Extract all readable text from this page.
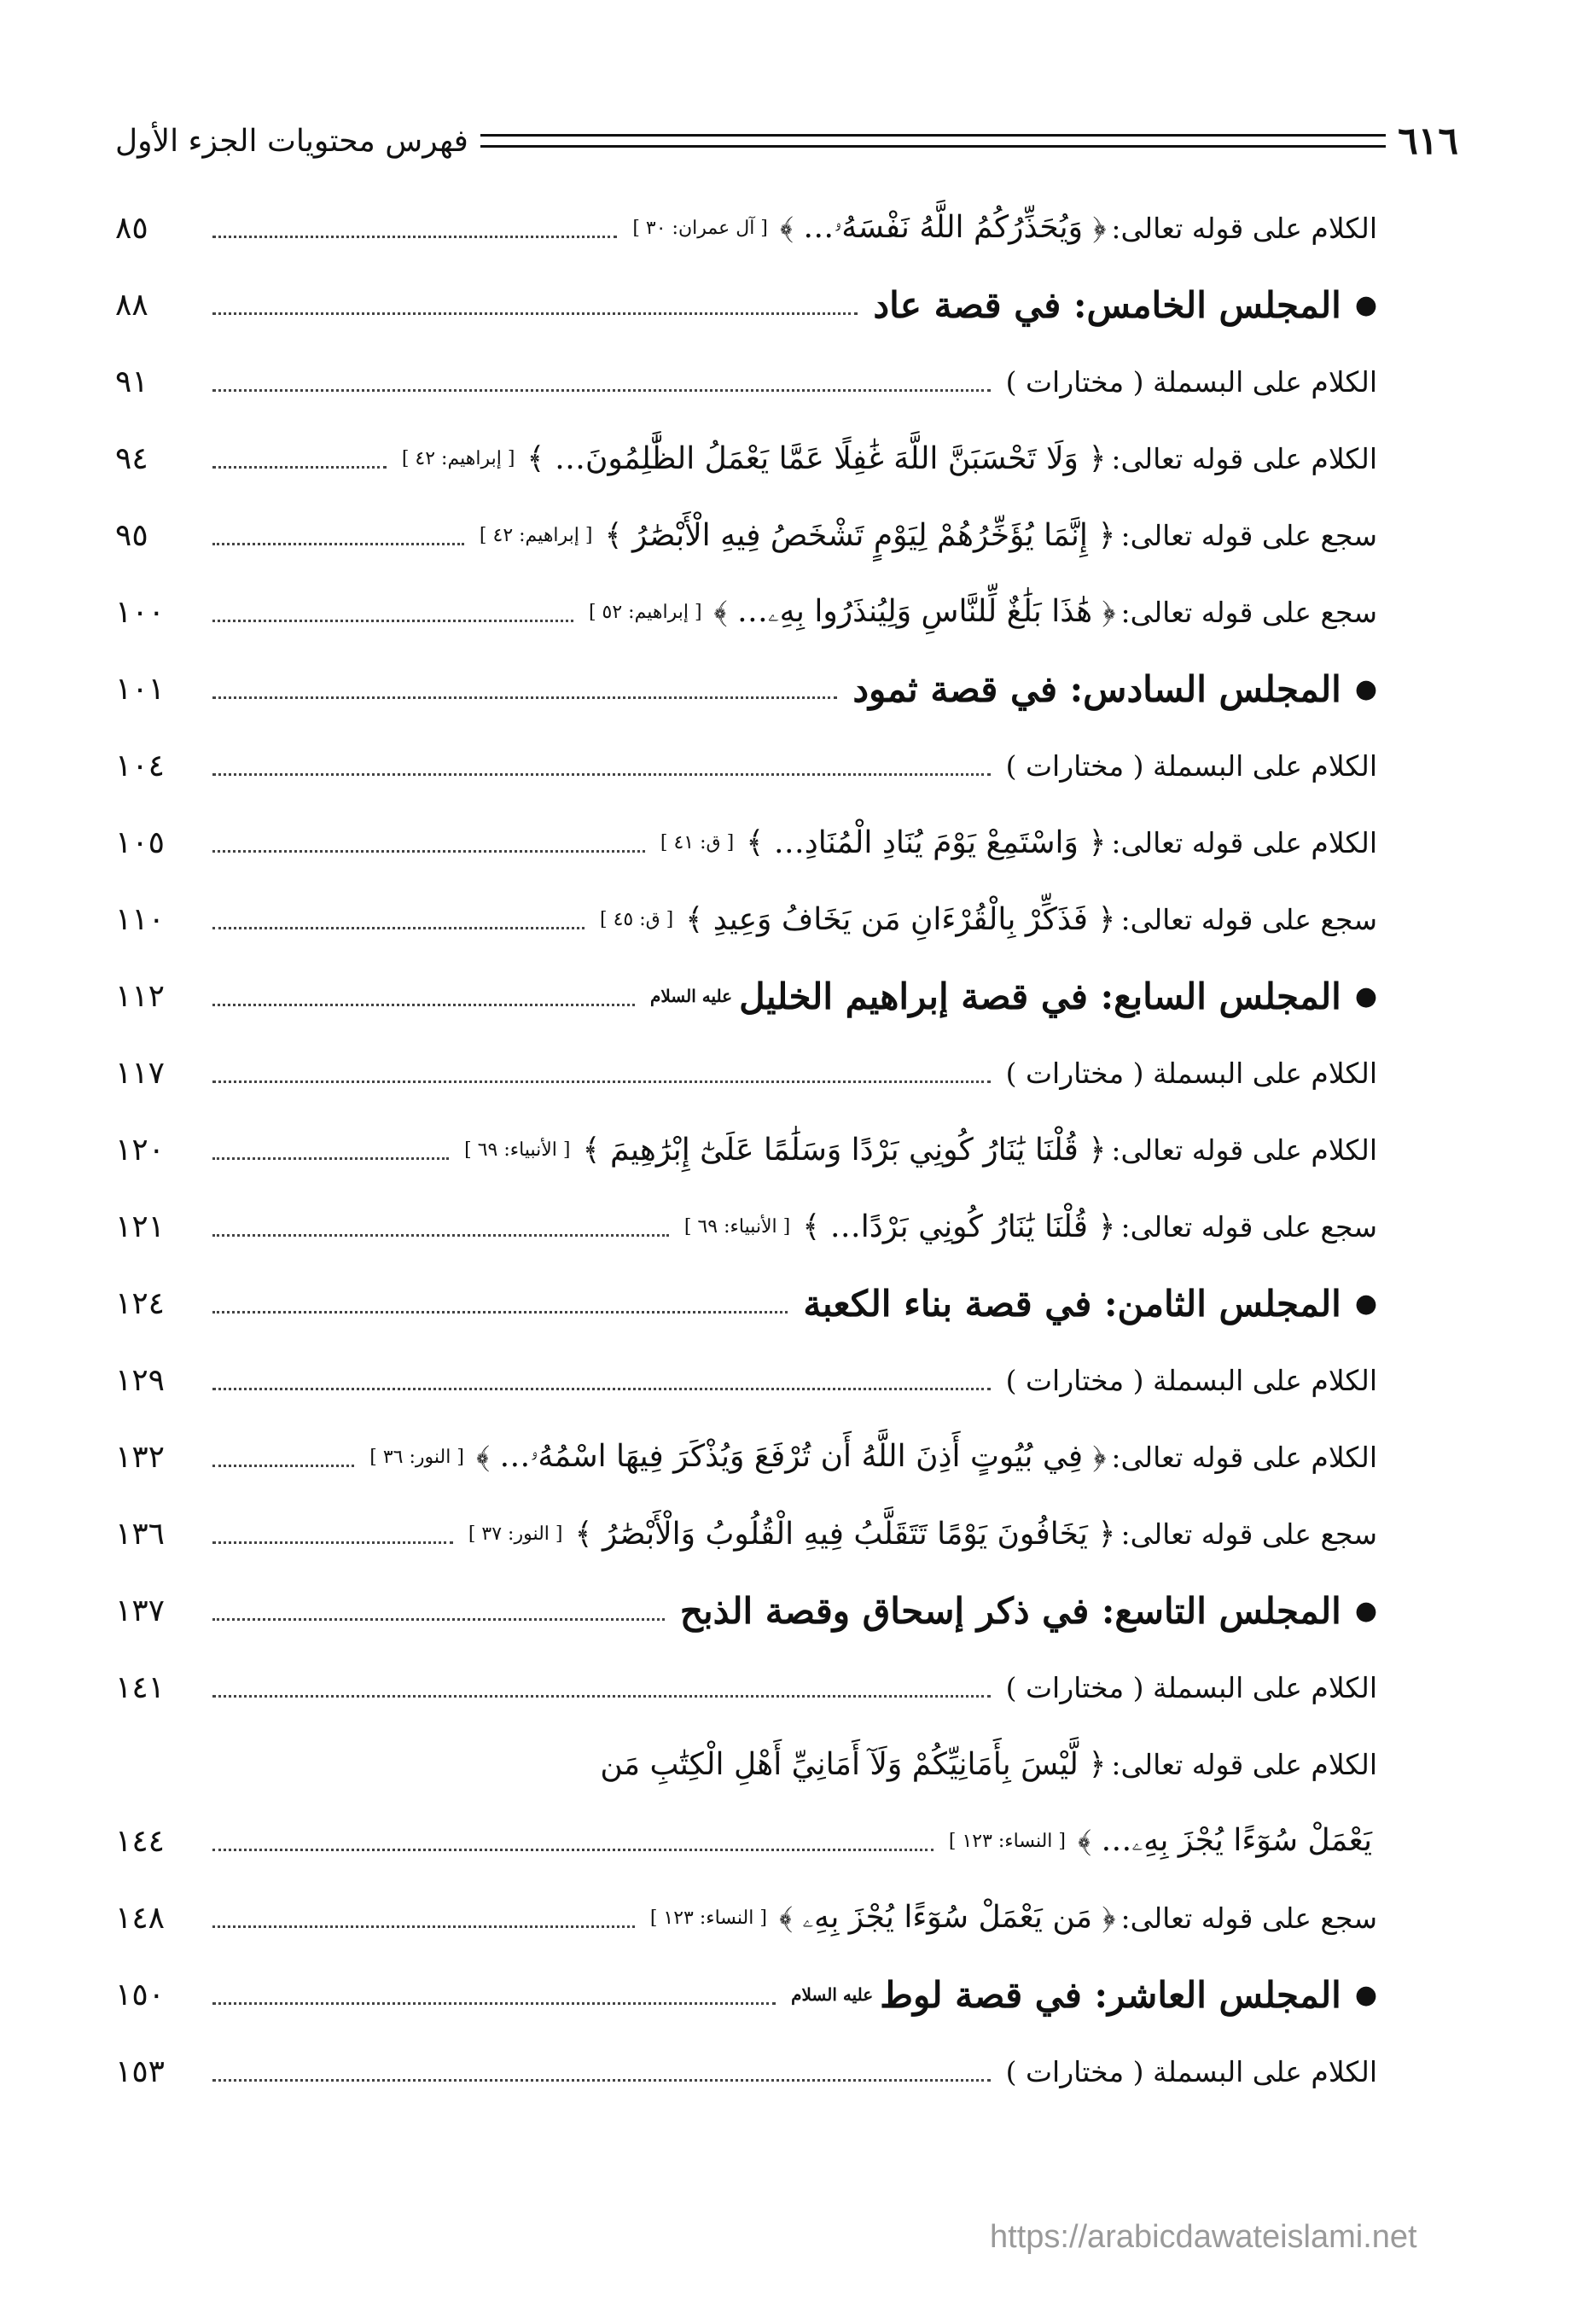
٦١٦
فهرس محتويات الجزء الأول
الكلام على قوله تعالى:
﴿ وَيُحَذِّرُكُمُ اللَّهُ نَفْسَهُۥ… ﴾
[ آل عمران: ٣٠ ]
٨٥
●
المجلس الخامس: في قصة عاد
٨٨
الكلام على البسملة ( مختارات )
٩١
الكلام على قوله تعالى:
﴿ وَلَا تَحْسَبَنَّ اللَّهَ غَٰفِلًا عَمَّا يَعْمَلُ الظَّٰلِمُونَ… ﴾
[ إبراهيم: ٤٢ ]
٩٤
سجع على قوله تعالى:
﴿ إِنَّمَا يُؤَخِّرُهُمْ لِيَوْمٍ تَشْخَصُ فِيهِ الْأَبْصَٰرُ ﴾
[ إبراهيم: ٤٢ ]
٩٥
سجع على قوله تعالى:
﴿ هَٰذَا بَلَٰغٌ لِّلنَّاسِ وَلِيُنذَرُوا بِهِۦ… ﴾
[ إبراهيم: ٥٢ ]
١٠٠
●
المجلس السادس: في قصة ثمود
١٠١
الكلام على البسملة ( مختارات )
١٠٤
الكلام على قوله تعالى:
﴿ وَاسْتَمِعْ يَوْمَ يُنَادِ الْمُنَادِ… ﴾
[ ق: ٤١ ]
١٠٥
سجع على قوله تعالى:
﴿ فَذَكِّرْ بِالْقُرْءَانِ مَن يَخَافُ وَعِيدِ ﴾
[ ق: ٤٥ ]
١١٠
●
المجلس السابع: في قصة إبراهيم الخليل
عليه السلام
١١٢
الكلام على البسملة ( مختارات )
١١٧
الكلام على قوله تعالى:
﴿ قُلْنَا يَٰنَارُ كُونِي بَرْدًا وَسَلَٰمًا عَلَىٰٓ إِبْرَٰهِيمَ ﴾
[ الأنبياء: ٦٩ ]
١٢٠
سجع على قوله تعالى:
﴿ قُلْنَا يَٰنَارُ كُونِي بَرْدًا… ﴾
[ الأنبياء: ٦٩ ]
١٢١
●
المجلس الثامن: في قصة بناء الكعبة
١٢٤
الكلام على البسملة ( مختارات )
١٢٩
الكلام على قوله تعالى:
﴿ فِي بُيُوتٍ أَذِنَ اللَّهُ أَن تُرْفَعَ وَيُذْكَرَ فِيهَا اسْمُهُۥ… ﴾
[ النور: ٣٦ ]
١٣٢
سجع على قوله تعالى:
﴿ يَخَافُونَ يَوْمًا تَتَقَلَّبُ فِيهِ الْقُلُوبُ وَالْأَبْصَٰرُ ﴾
[ النور: ٣٧ ]
١٣٦
●
المجلس التاسع: في ذكر إسحاق وقصة الذبح
١٣٧
الكلام على البسملة ( مختارات )
١٤١
الكلام على قوله تعالى:
﴿ لَّيْسَ بِأَمَانِيِّكُمْ وَلَآ أَمَانِيِّ أَهْلِ الْكِتَٰبِ مَن
يَعْمَلْ سُوٓءًا يُجْزَ بِهِۦ… ﴾
[ النساء: ١٢٣ ]
١٤٤
سجع على قوله تعالى:
﴿ مَن يَعْمَلْ سُوٓءًا يُجْزَ بِهِۦ ﴾
[ النساء: ١٢٣ ]
١٤٨
●
المجلس العاشر: في قصة لوط
عليه السلام
١٥٠
الكلام على البسملة ( مختارات )
١٥٣
https://arabicdawateislami.net
